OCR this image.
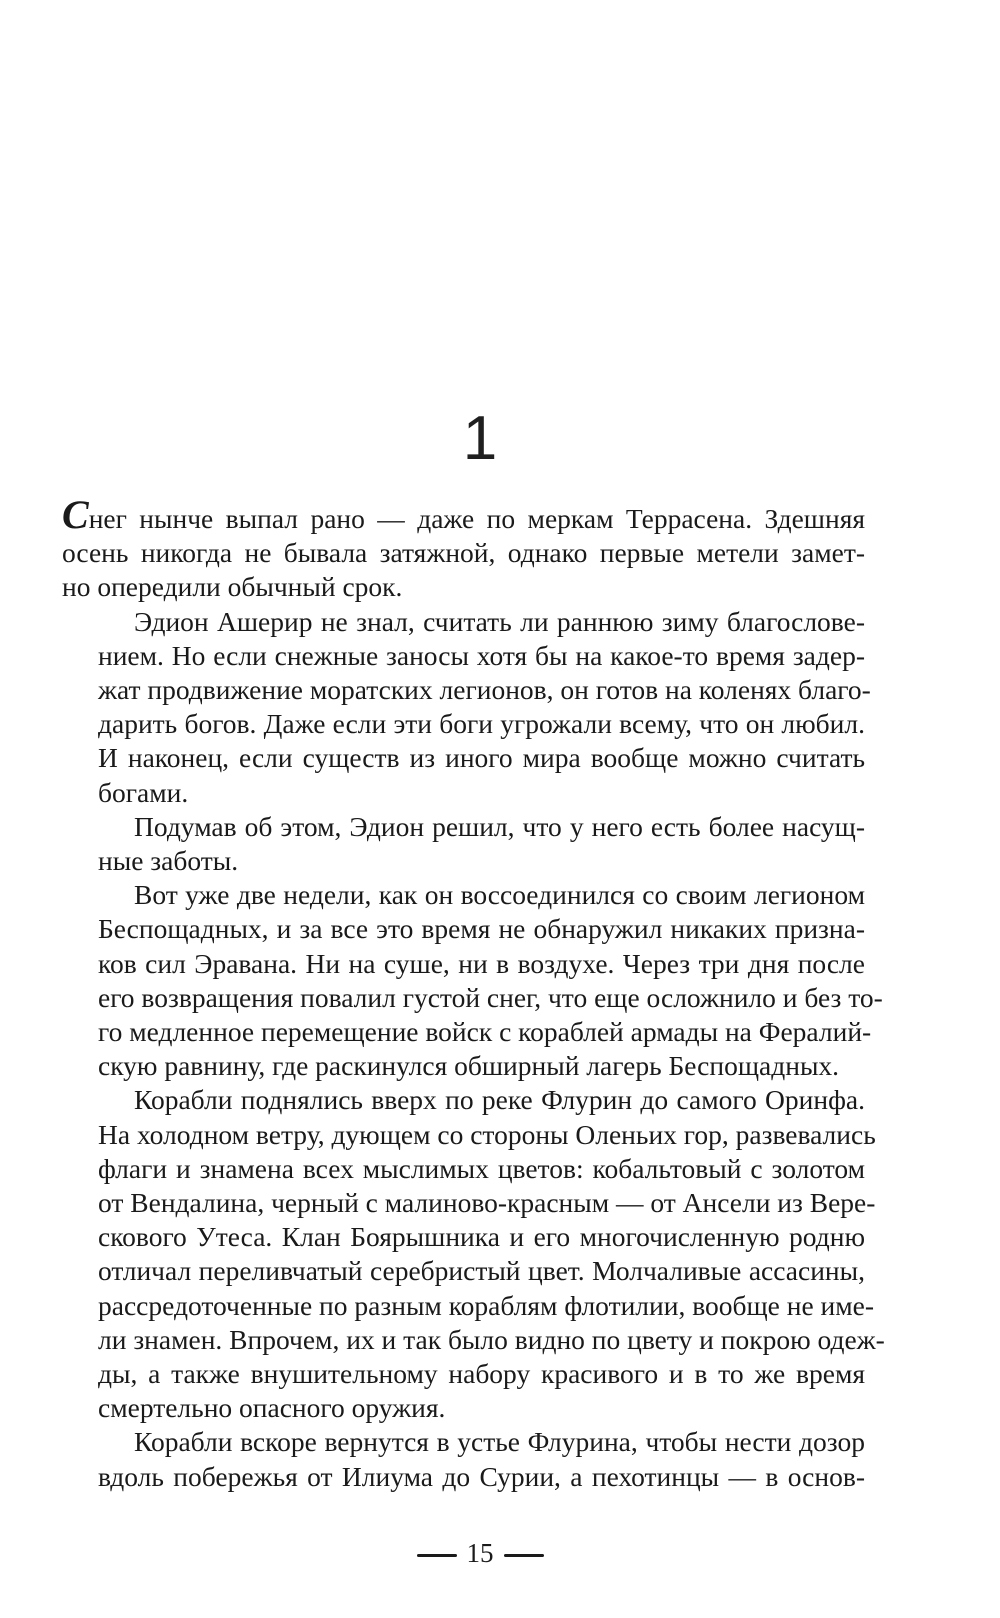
1
Снег нынче выпал рано — даже по меркам Террасена. Здешняя
осень никогда не бывала затяжной, однако первые метели замет-
но опередили обычный срок.
Эдион Ашерир не знал, считать ли раннюю зиму благослове-
нием. Но если снежные заносы хотя бы на какое-то время задер-
жат продвижение моратских легионов, он готов на коленях благо-
дарить богов. Даже если эти боги угрожали всему, что он любил.
И наконец, если существ из иного мира вообще можно считать
богами.
Подумав об этом, Эдион решил, что у него есть более насущ-
ные заботы.
Вот уже две недели, как он воссоединился со своим легионом
Беспощадных, и за все это время не обнаружил никаких призна-
ков сил Эравана. Ни на суше, ни в воздухе. Через три дня после
его возвращения повалил густой снег, что еще осложнило и без то-
го медленное перемещение войск с кораблей армады на Фералий-
скую равнину, где раскинулся обширный лагерь Беспощадных.
Корабли поднялись вверх по реке Флурин до самого Оринфа.
На холодном ветру, дующем со стороны Оленьих гор, развевались
флаги и знамена всех мыслимых цветов: кобальтовый с золотом
от Вендалина, черный с малиново-красным — от Ансели из Вере-
скового Утеса. Клан Боярышника и его многочисленную родню
отличал переливчатый серебристый цвет. Молчаливые ассасины,
рассредоточенные по разным кораблям флотилии, вообще не име-
ли знамен. Впрочем, их и так было видно по цвету и покрою одеж-
ды, а также внушительному набору красивого и в то же время
смертельно опасного оружия.
Корабли вскоре вернутся в устье Флурина, чтобы нести дозор
вдоль побережья от Илиума до Сурии, а пехотинцы — в основ-
15
